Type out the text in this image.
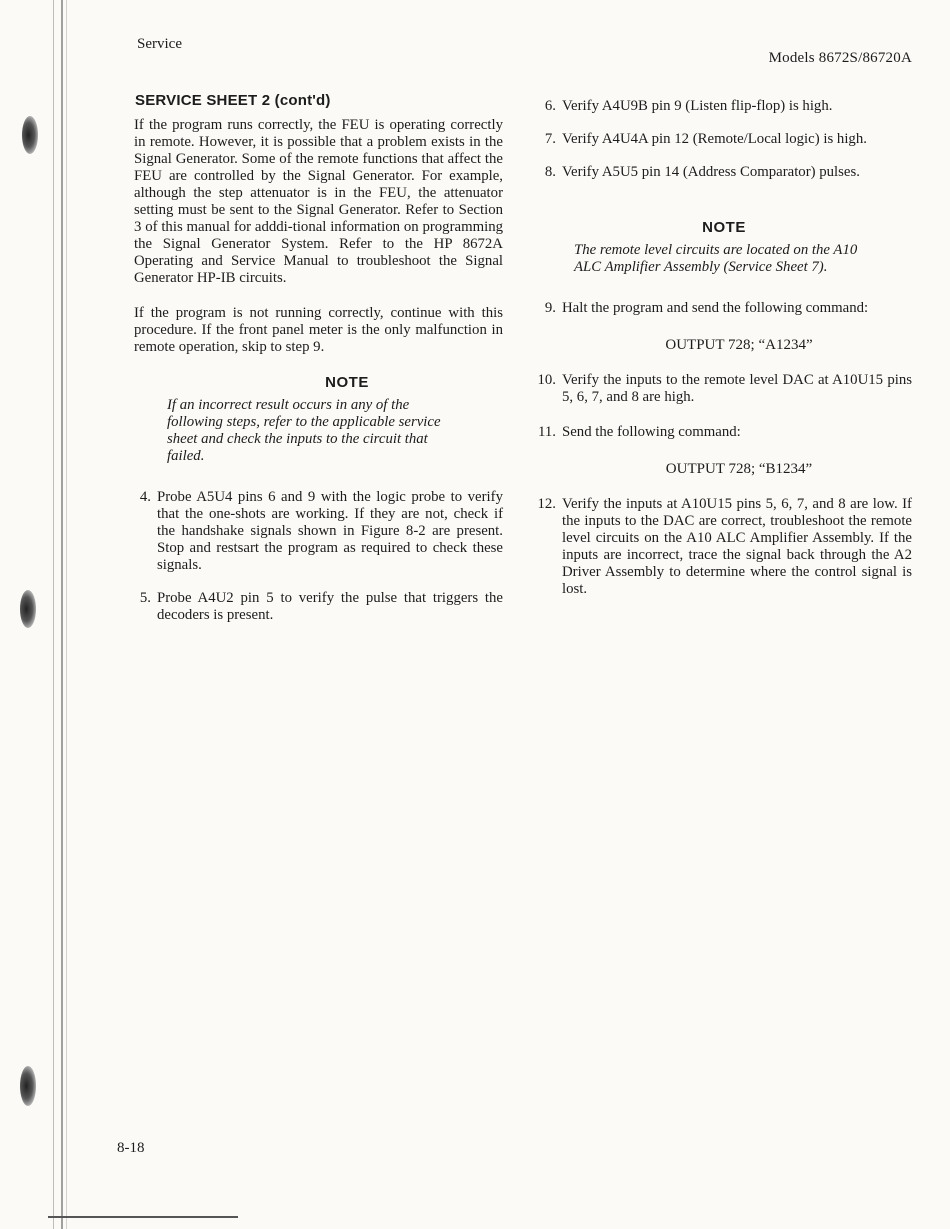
Service
Models 8672S/86720A
SERVICE SHEET 2 (cont'd)

If the program runs correctly, the FEU is operating correctly in remote. However, it is possible that a problem exists in the Signal Generator. Some of the remote functions that affect the FEU are controlled by the Signal Generator. For example, although the step attenuator is in the FEU, the attenuator setting must be sent to the Signal Generator. Refer to Section 3 of this manual for adddi-tional information on programming the Signal Generator System. Refer to the HP 8672A Operating and Service Manual to troubleshoot the Signal Generator HP-IB circuits.

If the program is not running correctly, continue with this procedure. If the front panel meter is the only malfunction in remote operation, skip to step 9.

NOTE
If an incorrect result occurs in any of the following steps, refer to the applicable service sheet and check the inputs to the circuit that failed.
4. Probe A5U4 pins 6 and 9 with the logic probe to verify that the one-shots are working. If they are not, check if the handshake signals shown in Figure 8-2 are present. Stop and restsart the program as required to check these signals.
5. Probe A4U2 pin 5 to verify the pulse that triggers the decoders is present.
6. Verify A4U9B pin 9 (Listen flip-flop) is high.
7. Verify A4U4A pin 12 (Remote/Local logic) is high.
8. Verify A5U5 pin 14 (Address Comparator) pulses.
NOTE
The remote level circuits are located on the A10 ALC Amplifier Assembly (Service Sheet 7).
9. Halt the program and send the following command:

OUTPUT 728; “A1234”

10. Verify the inputs to the remote level DAC at A10U15 pins 5, 6, 7, and 8 are high.
11. Send the following command:

OUTPUT 728; “B1234”

12. Verify the inputs at A10U15 pins 5, 6, 7, and 8 are low. If the inputs to the DAC are correct, troubleshoot the remote level circuits on the A10 ALC Amplifier Assembly. If the inputs are incorrect, trace the signal back through the A2 Driver Assembly to determine where the control signal is lost.
8-18
